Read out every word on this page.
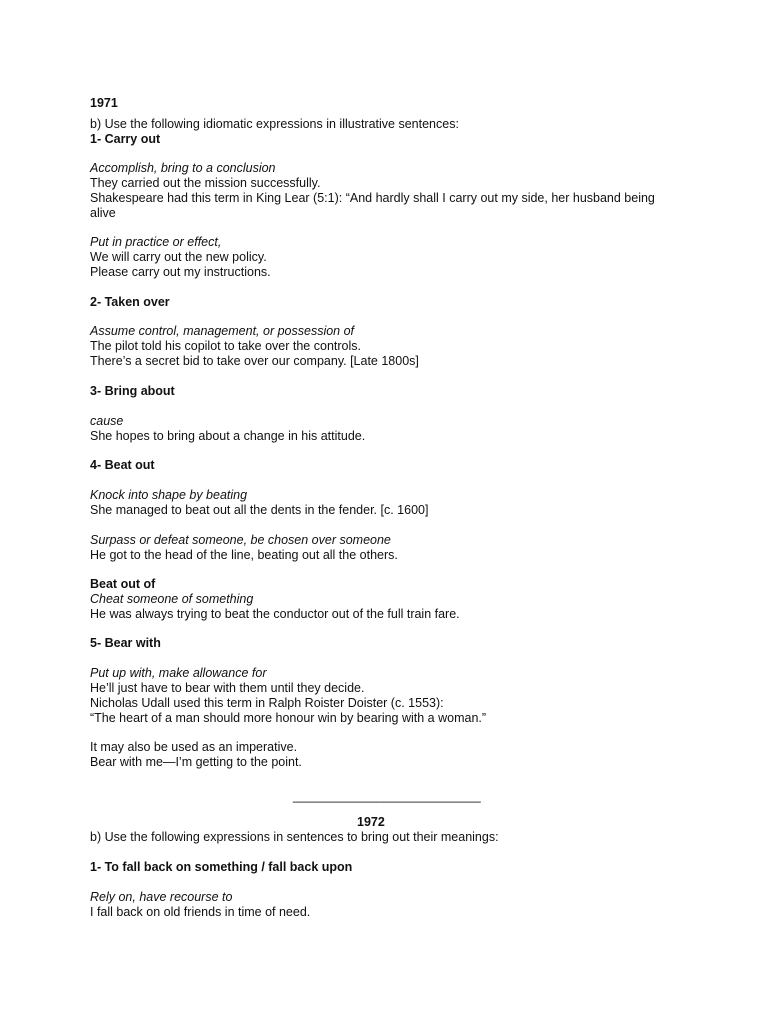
1971
b) Use the following idiomatic expressions in illustrative sentences:
1- Carry out
Accomplish, bring to a conclusion
They carried out the mission successfully.
Shakespeare had this term in King Lear (5:1): “And hardly shall I carry out my side, her husband being
alive
Put in practice or effect,
We will carry out the new policy.
Please carry out my instructions.
2- Taken over
Assume control, management, or possession of
The pilot told his copilot to take over the controls.
There’s a secret bid to take over our company. [Late 1800s]
3- Bring about
cause
She hopes to bring about a change in his attitude.
4- Beat out
Knock into shape by beating
She managed to beat out all the dents in the fender. [c. 1600]
Surpass or defeat someone, be chosen over someone
He got to the head of the line, beating out all the others.
Beat out of
Cheat someone of something
He was always trying to beat the conductor out of the full train fare.
5- Bear with
Put up with, make allowance for
He’ll just have to bear with them until they decide.
Nicholas Udall used this term in Ralph Roister Doister (c. 1553):
“The heart of a man should more honour win by bearing with a woman.”
It may also be used as an imperative.
Bear with me—I’m getting to the point.
___________________________
1972
b) Use the following expressions in sentences to bring out their meanings:
1- To fall back on something / fall back upon
Rely on, have recourse to
I fall back on old friends in time of need.
